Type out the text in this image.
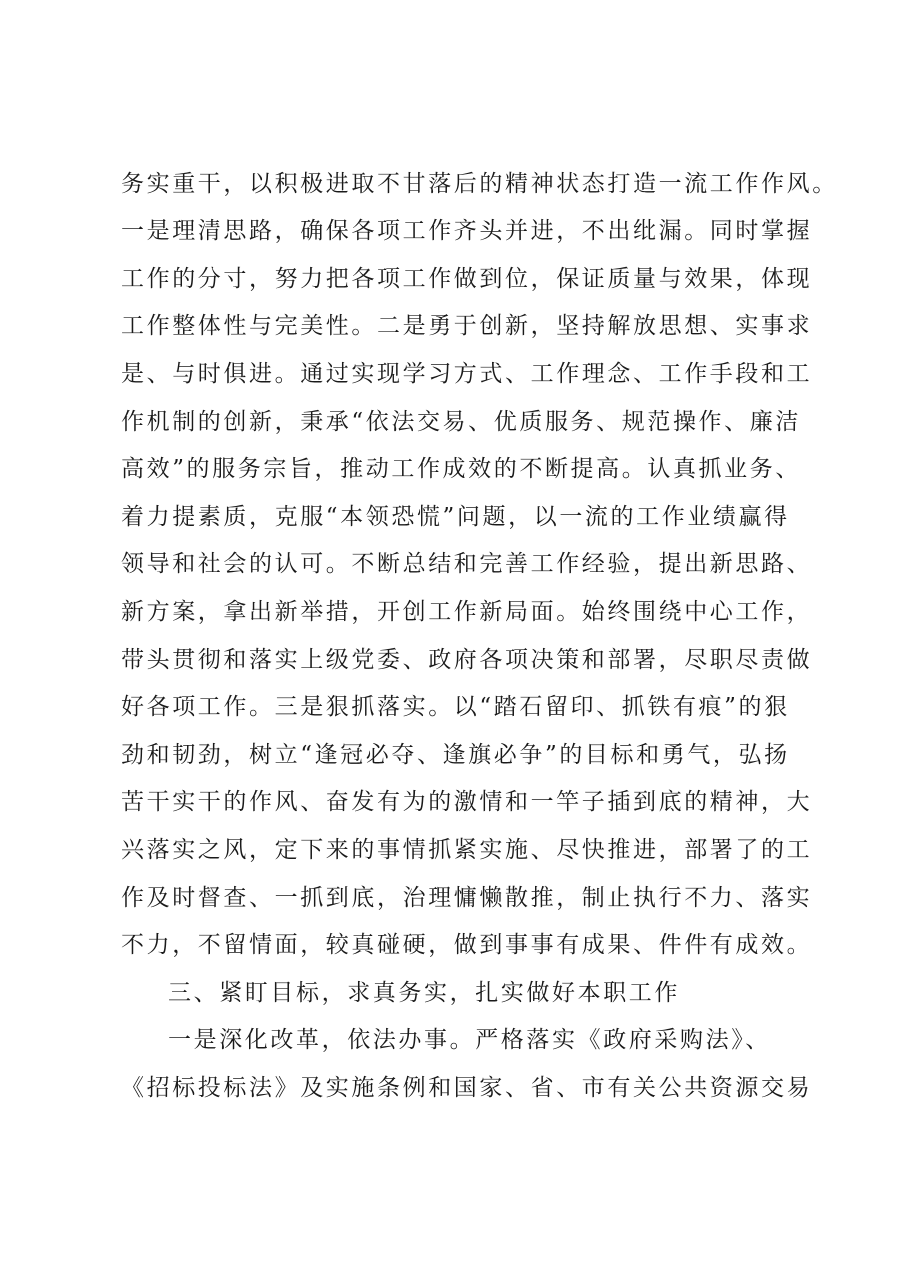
务实重干，以积极进取不甘落后的精神状态打造一流工作作风。
一是理清思路，确保各项工作齐头并进，不出纰漏。同时掌握
工作的分寸，努力把各项工作做到位，保证质量与效果，体现
工作整体性与完美性。二是勇于创新，坚持解放思想、实事求
是、与时俱进。通过实现学习方式、工作理念、工作手段和工
作机制的创新，秉承“依法交易、优质服务、规范操作、廉洁
高效”的服务宗旨，推动工作成效的不断提高。认真抓业务、
着力提素质，克服“本领恐慌”问题，以一流的工作业绩赢得
领导和社会的认可。不断总结和完善工作经验，提出新思路、
新方案，拿出新举措，开创工作新局面。始终围绕中心工作，
带头贯彻和落实上级党委、政府各项决策和部署，尽职尽责做
好各项工作。三是狠抓落实。以“踏石留印、抓铁有痕”的狠
劲和韧劲，树立“逢冠必夺、逢旗必争”的目标和勇气，弘扬
苦干实干的作风、奋发有为的激情和一竿子插到底的精神，大
兴落实之风，定下来的事情抓紧实施、尽快推进，部署了的工
作及时督查、一抓到底，治理慵懒散推，制止执行不力、落实
不力，不留情面，较真碰硬，做到事事有成果、件件有成效。
三、紧盯目标，求真务实，扎实做好本职工作
一是深化改革，依法办事。严格落实《政府采购法》、
《招标投标法》及实施条例和国家、省、市有关公共资源交易
